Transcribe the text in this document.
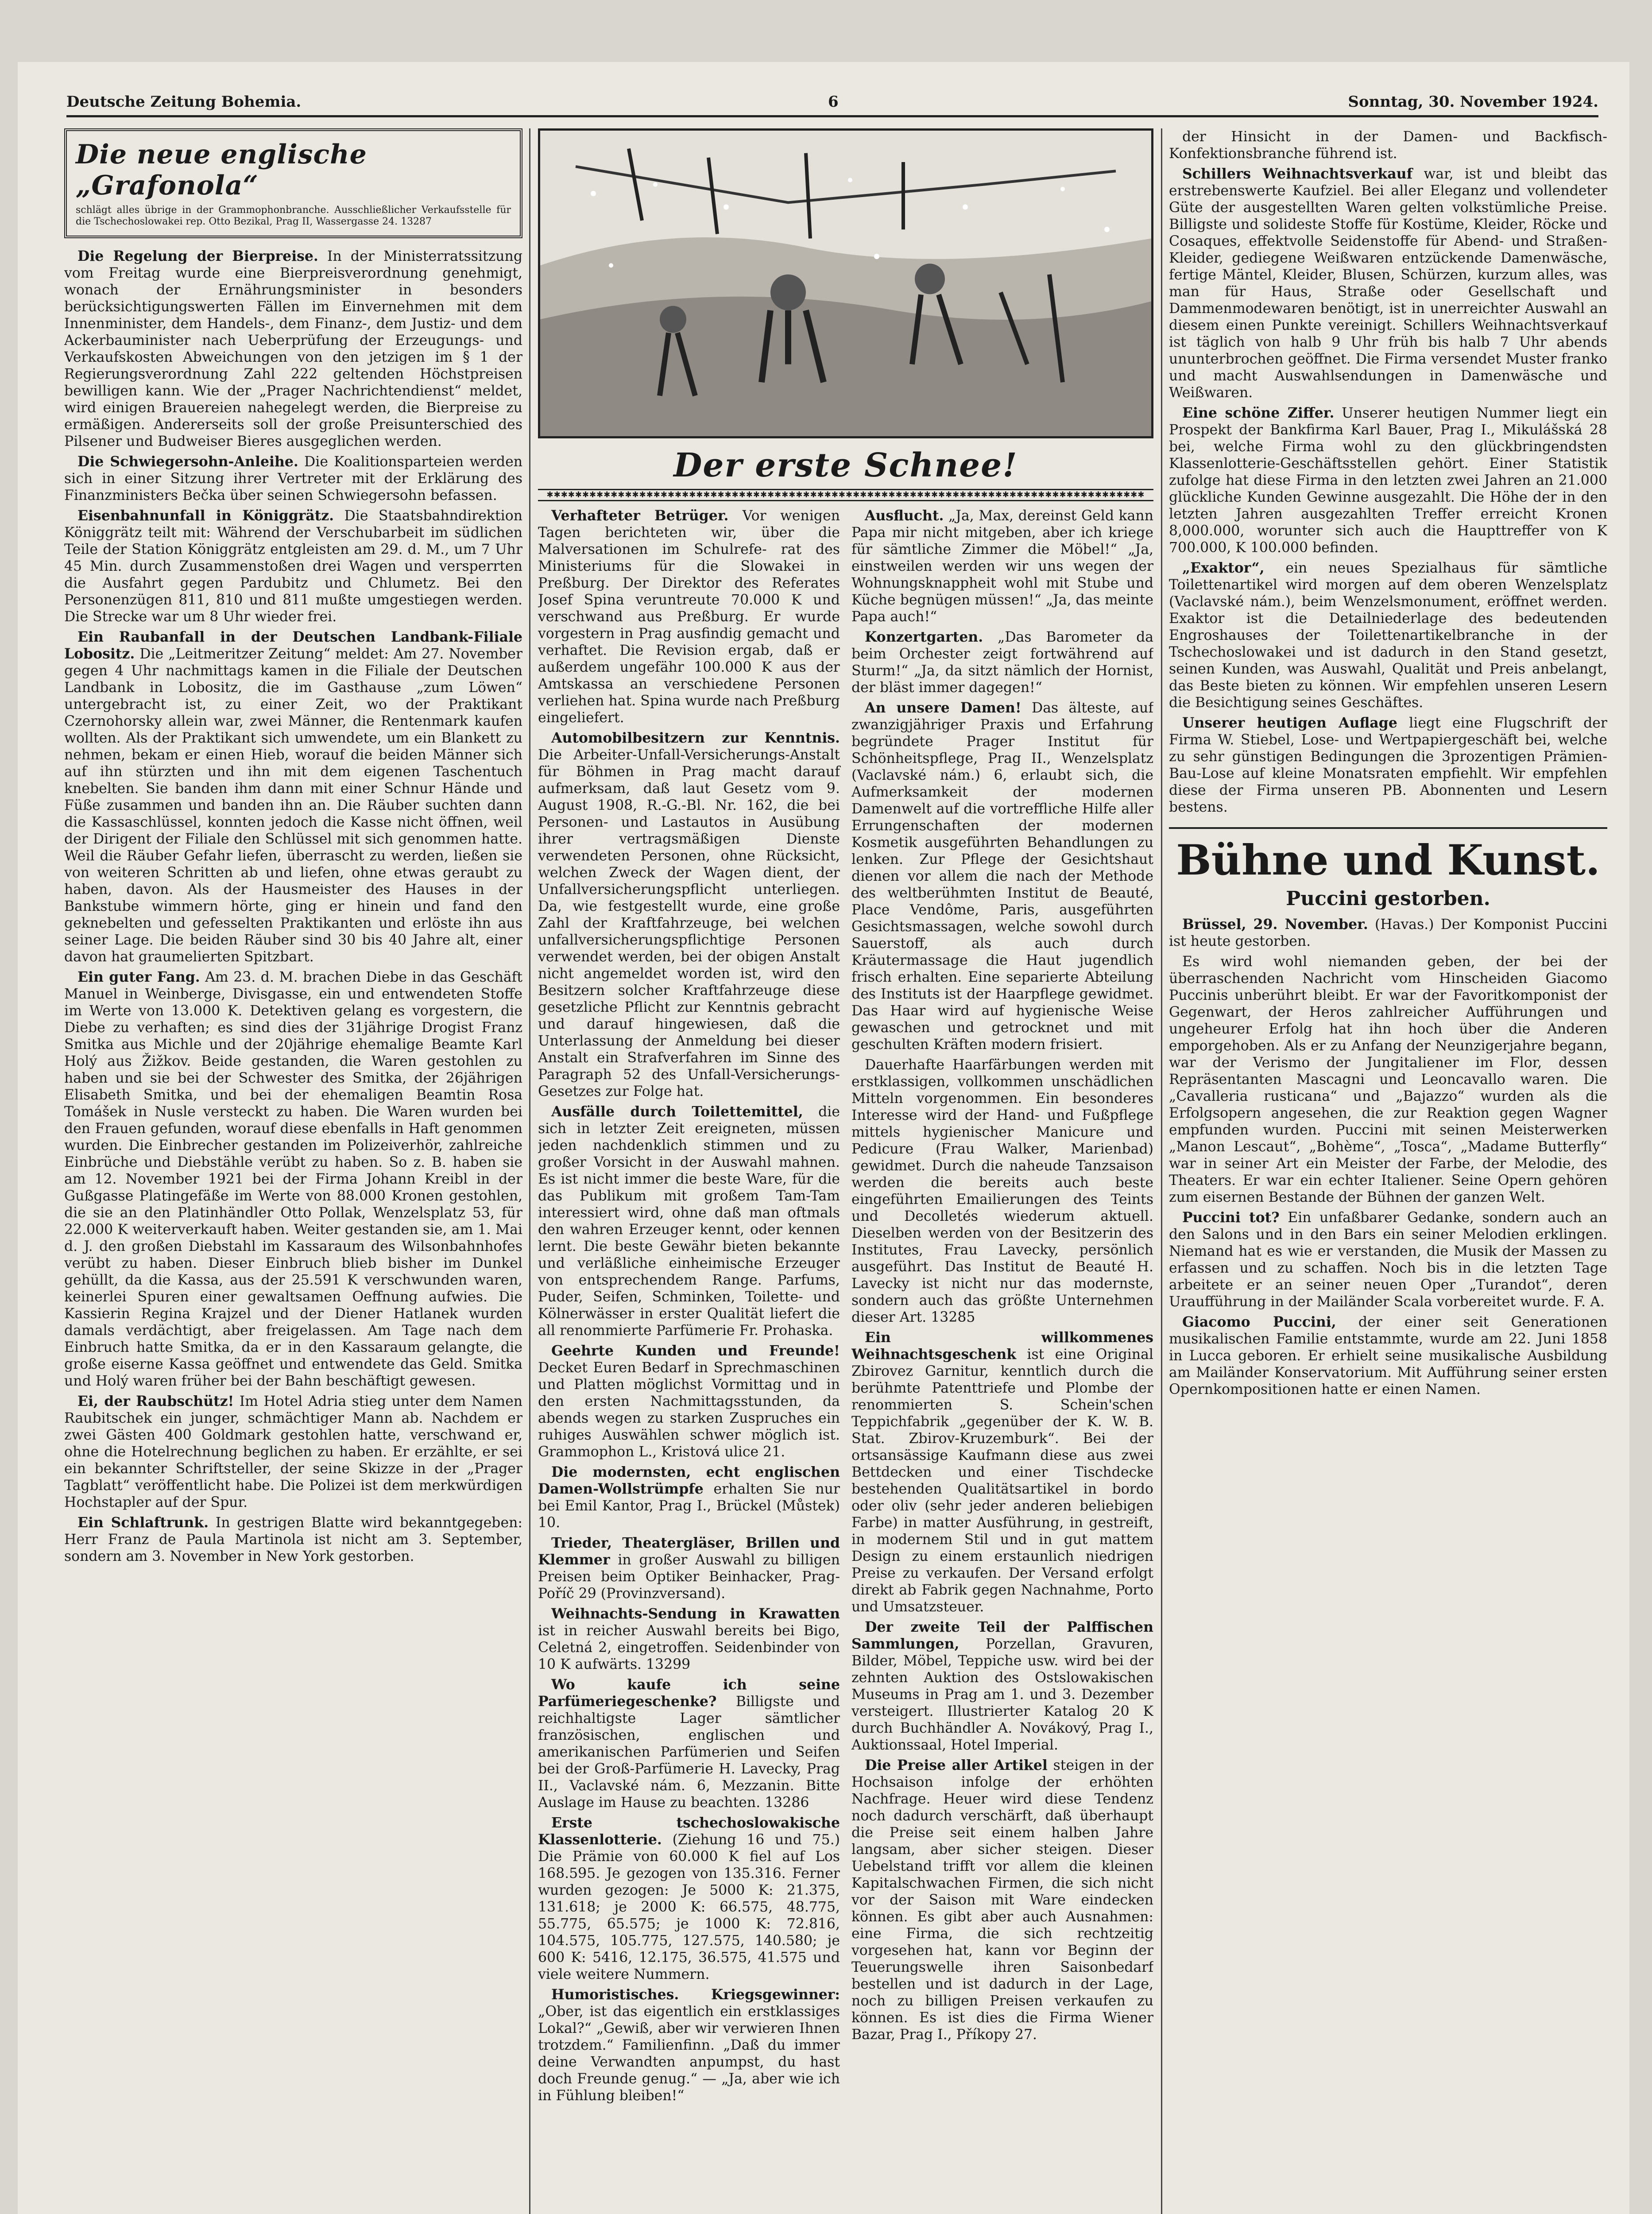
Deutsche Zeitung Bohemia.	6	Sonntag, 30. November 1924.
Die neue englische „Grafonola“
schlägt alles übrige in der Grammophonbranche. Ausschließlicher Verkaufsstelle für die Tschechoslowakei rep. Otto Bezikal, Prag II, Wassergasse 24. 13287

Die Regelung der Bierpreise. In der Ministerratssitzung vom Freitag wurde eine Bierpreisverordnung genehmigt, wonach der Ernährungsminister in besonders berücksichtigungswerten Fällen im Einvernehmen mit dem Innenminister, dem Handels-, dem Finanz-, dem Justiz- und dem Ackerbauminister nach Ueberprüfung der Erzeugungs- und Verkaufskosten Abweichungen von den jetzigen im § 1 der Regierungsverordnung Zahl 222 geltenden Höchstpreisen bewilligen kann. Wie der „Prager Nachrichtendienst“ meldet, wird einigen Brauereien nahegelegt werden, die Bierpreise zu ermäßigen. Andererseits soll der große Preisunterschied des Pilsener und Budweiser Bieres ausgeglichen werden.

Die Schwiegersohn-Anleihe. Die Koalitionsparteien werden sich in einer Sitzung ihrer Vertreter mit der Erklärung des Finanzministers Bečka über seinen Schwiegersohn befassen.

Eisenbahnunfall in Königgrätz. Die Staatsbahndirektion Königgrätz teilt mit: Während der Verschubarbeit im südlichen Teile der Station Königgrätz entgleisten am 29. d. M., um 7 Uhr 45 Min. durch Zusammenstoßen drei Wagen und versperrten die Ausfahrt gegen Pardubitz und Chlumetz. Bei den Personenzügen 811, 810 und 811 mußte umgestiegen werden. Die Strecke war um 8 Uhr wieder frei.

Ein Raubanfall in der Deutschen Landbank-Filiale Lobositz. Die „Leitmeritzer Zeitung“ meldet: Am 27. November gegen 4 Uhr nachmittags kamen in die Filiale der Deutschen Landbank in Lobositz, die im Gasthause „zum Löwen“ untergebracht ist, zu einer Zeit, wo der Praktikant Czernohorsky allein war, zwei Männer, die Rentenmark kaufen wollten. Als der Praktikant sich umwendete, um ein Blankett zu nehmen, bekam er einen Hieb, worauf die beiden Männer sich auf ihn stürzten und ihn mit dem eigenen Taschentuch knebelten. Sie banden ihm dann mit einer Schnur Hände und Füße zusammen und banden ihn an. Die Räuber suchten dann die Kassaschlüssel, konnten jedoch die Kasse nicht öffnen, weil der Dirigent der Filiale den Schlüssel mit sich genommen hatte. Weil die Räuber Gefahr liefen, überrascht zu werden, ließen sie von weiteren Schritten ab und liefen, ohne etwas geraubt zu haben, davon. Als der Hausmeister des Hauses in der Bankstube wimmern hörte, ging er hinein und fand den geknebelten und gefesselten Praktikanten und erlöste ihn aus seiner Lage. Die beiden Räuber sind 30 bis 40 Jahre alt, einer davon hat graumelierten Spitzbart.

Ein guter Fang. Am 23. d. M. brachen Diebe in das Geschäft Manuel in Weinberge, Divisgasse, ein und entwendeten Stoffe im Werte von 13.000 K. Detektiven gelang es vorgestern, die Diebe zu verhaften; es sind dies der 31jährige Drogist Franz Smitka aus Michle und der 20jährige ehemalige Beamte Karl Holý aus Žižkov. Beide gestanden, die Waren gestohlen zu haben und sie bei der Schwester des Smitka, der 26jährigen Elisabeth Smitka, und bei der ehemaligen Beamtin Rosa Tomášek in Nusle versteckt zu haben. Die Waren wurden bei den Frauen gefunden, worauf diese ebenfalls in Haft genommen wurden. Die Einbrecher gestanden im Polizeiverhör, zahlreiche Einbrüche und Diebstähle verübt zu haben. So z. B. haben sie am 12. November 1921 bei der Firma Johann Kreibl in der Gußgasse Platingefäße im Werte von 88.000 Kronen gestohlen, die sie an den Platinhändler Otto Pollak, Wenzelsplatz 53, für 22.000 K weiterverkauft haben. Weiter gestanden sie, am 1. Mai d. J. den großen Diebstahl im Kassaraum des Wilsonbahnhofes verübt zu haben. Dieser Einbruch blieb bisher im Dunkel gehüllt, da die Kassa, aus der 25.591 K verschwunden waren, keinerlei Spuren einer gewaltsamen Oeffnung aufwies. Die Kassierin Regina Krajzel und der Diener Hatlanek wurden damals verdächtigt, aber freigelassen. Am Tage nach dem Einbruch hatte Smitka, da er in den Kassaraum gelangte, die große eiserne Kassa geöffnet und entwendete das Geld. Smitka und Holý waren früher bei der Bahn beschäftigt gewesen.

Ei, der Raubschütz! Im Hotel Adria stieg unter dem Namen Raubitschek ein junger, schmächtiger Mann ab. Nachdem er zwei Gästen 400 Goldmark gestohlen hatte, verschwand er, ohne die Hotelrechnung beglichen zu haben. Er erzählte, er sei ein bekannter Schriftsteller, der seine Skizze in der „Prager Tagblatt“ veröffentlicht habe. Die Polizei ist dem merkwürdigen Hochstapler auf der Spur.

Ein Schlaftrunk. In gestrigen Blatte wird bekanntgegeben: Herr Franz de Paula Martinola ist nicht am 3. September, sondern am 3. November in New York gestorben.

Der erste Schnee!
✱✱✱✱✱✱✱✱✱✱✱✱✱✱✱✱✱✱✱✱✱✱✱✱✱✱✱✱✱✱✱✱✱✱✱✱✱✱✱✱✱✱✱✱✱✱✱✱✱✱✱✱✱✱✱✱✱✱✱✱✱✱✱✱✱✱✱✱✱✱✱✱✱✱✱✱✱✱✱✱✱✱✱✱

Verhafteter Betrüger. Vor wenigen Tagen berichteten wir, über die Malversationen im Schulrefe- rat des Ministeriums für die Slowakei in Preßburg. Der Direktor des Referates Josef Spina veruntreute 70.000 K und verschwand aus Preßburg. Er wurde vorgestern in Prag ausfindig gemacht und verhaftet. Die Revision ergab, daß er außerdem ungefähr 100.000 K aus der Amtskassa an verschiedene Personen verliehen hat. Spina wurde nach Preßburg eingeliefert.

Automobilbesitzern zur Kenntnis. Die Arbeiter-Unfall-Versicherungs-Anstalt für Böhmen in Prag macht darauf aufmerksam, daß laut Gesetz vom 9. August 1908, R.-G.-Bl. Nr. 162, die bei Personen- und Lastautos in Ausübung ihrer vertragsmäßigen Dienste verwendeten Personen, ohne Rücksicht, welchen Zweck der Wagen dient, der Unfallversicherungspflicht unterliegen. Da, wie festgestellt wurde, eine große Zahl der Kraftfahrzeuge, bei welchen unfallversicherungspflichtige Personen verwendet werden, bei der obigen Anstalt nicht angemeldet worden ist, wird den Besitzern solcher Kraftfahrzeuge diese gesetzliche Pflicht zur Kenntnis gebracht und darauf hingewiesen, daß die Unterlassung der Anmeldung bei dieser Anstalt ein Strafverfahren im Sinne des Paragraph 52 des Unfall-Versicherungs-Gesetzes zur Folge hat.

Ausfälle durch Toilettemittel, die sich in letzter Zeit ereigneten, müssen jeden nachdenklich stimmen und zu großer Vorsicht in der Auswahl mahnen. Es ist nicht immer die beste Ware, für die das Publikum mit großem Tam-Tam interessiert wird, ohne daß man oftmals den wahren Erzeuger kennt, oder kennen lernt. Die beste Gewähr bieten bekannte und verläßliche einheimische Erzeuger von entsprechendem Range. Parfums, Puder, Seifen, Schminken, Toilette- und Kölnerwässer in erster Qualität liefert die all renommierte Parfümerie Fr. Prohaska.

Geehrte Kunden und Freunde! Decket Euren Bedarf in Sprechmaschinen und Platten möglichst Vormittag und in den ersten Nachmittagsstunden, da abends wegen zu starken Zuspruches ein ruhiges Auswählen schwer möglich ist. Grammophon L., Kristová ulice 21.

Die modernsten, echt englischen Damen-Wollstrümpfe erhalten Sie nur bei Emil Kantor, Prag I., Brückel (Můstek) 10.

Trieder, Theatergläser, Brillen und Klemmer in großer Auswahl zu billigen Preisen beim Optiker Beinhacker, Prag-Poříč 29 (Provinzversand).

Weihnachts-Sendung in Krawatten ist in reicher Auswahl bereits bei Bigo, Celetná 2, eingetroffen. Seidenbinder von 10 K aufwärts. 13299

Wo kaufe ich seine Parfümeriegeschenke? Billigste und reichhaltigste Lager sämtlicher französischen, englischen und amerikanischen Parfümerien und Seifen bei der Groß-Parfümerie H. Lavecky, Prag II., Vaclavské nám. 6, Mezzanin. Bitte Auslage im Hause zu beachten. 13286

Erste tschechoslowakische Klassenlotterie. (Ziehung 16 und 75.) Die Prämie von 60.000 K fiel auf Los 168.595. Je gezogen von 135.316. Ferner wurden gezogen: Je 5000 K: 21.375, 131.618; je 2000 K: 66.575, 48.775, 55.775, 65.575; je 1000 K: 72.816, 104.575, 105.775, 127.575, 140.580; je 600 K: 5416, 12.175, 36.575, 41.575 und viele weitere Nummern.

Humoristisches. Kriegsgewinner: „Ober, ist das eigentlich ein erstklassiges Lokal?“ „Gewiß, aber wir verwieren Ihnen trotzdem.“ Familienfinn. „Daß du immer deine Verwandten anpumpst, du hast doch Freunde genug.“ — „Ja, aber wie ich in Fühlung bleiben!“

Ausflucht. „Ja, Max, dereinst Geld kann Papa mir nicht mitgeben, aber ich kriege für sämtliche Zimmer die Möbel!“ „Ja, einstweilen werden wir uns wegen der Wohnungsknappheit wohl mit Stube und Küche begnügen müssen!“ „Ja, das meinte Papa auch!“

Konzertgarten. „Das Barometer da beim Orchester zeigt fortwährend auf Sturm!“ „Ja, da sitzt nämlich der Hornist, der bläst immer dagegen!“

An unsere Damen! Das älteste, auf zwanzigjähriger Praxis und Erfahrung begründete Prager Institut für Schönheitspflege, Prag II., Wenzelsplatz (Vaclavské nám.) 6, erlaubt sich, die Aufmerksamkeit der modernen Damenwelt auf die vortreffliche Hilfe aller Errungenschaften der modernen Kosmetik ausgeführten Behandlungen zu lenken. Zur Pflege der Gesichtshaut dienen vor allem die nach der Methode des weltberühmten Institut de Beauté, Place Vendôme, Paris, ausgeführten Gesichtsmassagen, welche sowohl durch Sauerstoff, als auch durch Kräutermassage die Haut jugendlich frisch erhalten. Eine separierte Abteilung des Instituts ist der Haarpflege gewidmet. Das Haar wird auf hygienische Weise gewaschen und getrocknet und mit geschulten Kräften modern frisiert.

Dauerhafte Haarfärbungen werden mit erstklassigen, vollkommen unschädlichen Mitteln vorgenommen. Ein besonderes Interesse wird der Hand- und Fußpflege mittels hygienischer Manicure und Pedicure (Frau Walker, Marienbad) gewidmet. Durch die naheude Tanzsaison werden die bereits auch beste eingeführten Emailierungen des Teints und Decolletés wiederum aktuell. Dieselben werden von der Besitzerin des Institutes, Frau Lavecky, persönlich ausgeführt. Das Institut de Beauté H. Lavecky ist nicht nur das modernste, sondern auch das größte Unternehmen dieser Art. 13285

Ein willkommenes Weihnachtsgeschenk ist eine Original Zbirovez Garnitur, kenntlich durch die berühmte Patenttriefe und Plombe der renommierten S. Schein'schen Teppichfabrik „gegenüber der K. W. B. Stat. Zbirov-Kruzemburk“. Bei der ortsansässige Kaufmann diese aus zwei Bettdecken und einer Tischdecke bestehenden Qualitätsartikel in bordo oder oliv (sehr jeder anderen beliebigen Farbe) in matter Ausführung, in gestreift, in modernem Stil und in gut mattem Design zu einem erstaunlich niedrigen Preise zu verkaufen. Der Versand erfolgt direkt ab Fabrik gegen Nachnahme, Porto und Umsatzsteuer.

Der zweite Teil der Palffischen Sammlungen, Porzellan, Gravuren, Bilder, Möbel, Teppiche usw. wird bei der zehnten Auktion des Ostslowakischen Museums in Prag am 1. und 3. Dezember versteigert. Illustrierter Katalog 20 K durch Buchhändler A. Novákový, Prag I., Auktionssaal, Hotel Imperial.

Die Preise aller Artikel steigen in der Hochsaison infolge der erhöhten Nachfrage. Heuer wird diese Tendenz noch dadurch verschärft, daß überhaupt die Preise seit einem halben Jahre langsam, aber sicher steigen. Dieser Uebelstand trifft vor allem die kleinen Kapitalschwachen Firmen, die sich nicht vor der Saison mit Ware eindecken können. Es gibt aber auch Ausnahmen: eine Firma, die sich rechtzeitig vorgesehen hat, kann vor Beginn der Teuerungswelle ihren Saisonbedarf bestellen und ist dadurch in der Lage, noch zu billigen Preisen verkaufen zu können. Es ist dies die Firma Wiener Bazar, Prag I., Příkopy 27.

der Hinsicht in der Damen- und Backfisch-Konfektionsbranche führend ist.

Schillers Weihnachtsverkauf war, ist und bleibt das erstrebenswerte Kaufziel. Bei aller Eleganz und vollendeter Güte der ausgestellten Waren gelten volkstümliche Preise. Billigste und solideste Stoffe für Kostüme, Kleider, Röcke und Cosaques, effektvolle Seidenstoffe für Abend- und Straßen-Kleider, gediegene Weißwaren entzückende Damenwäsche, fertige Mäntel, Kleider, Blusen, Schürzen, kurzum alles, was man für Haus, Straße oder Gesellschaft und Dammenmodewaren benötigt, ist in unerreichter Auswahl an diesem einen Punkte vereinigt. Schillers Weihnachtsverkauf ist täglich von halb 9 Uhr früh bis halb 7 Uhr abends ununterbrochen geöffnet. Die Firma versendet Muster franko und macht Auswahlsendungen in Damenwäsche und Weißwaren.

Eine schöne Ziffer. Unserer heutigen Nummer liegt ein Prospekt der Bankfirma Karl Bauer, Prag I., Mikulášská 28 bei, welche Firma wohl zu den glückbringendsten Klassenlotterie-Geschäftsstellen gehört. Einer Statistik zufolge hat diese Firma in den letzten zwei Jahren an 21.000 glückliche Kunden Gewinne ausgezahlt. Die Höhe der in den letzten Jahren ausgezahlten Treffer erreicht Kronen 8,000.000, worunter sich auch die Haupttreffer von K 700.000, K 100.000 befinden.

„Exaktor“, ein neues Spezialhaus für sämtliche Toilettenartikel wird morgen auf dem oberen Wenzelsplatz (Vaclavské nám.), beim Wenzelsmonument, eröffnet werden. Exaktor ist die Detailniederlage des bedeutenden Engroshauses der Toilettenartikelbranche in der Tschechoslowakei und ist dadurch in den Stand gesetzt, seinen Kunden, was Auswahl, Qualität und Preis anbelangt, das Beste bieten zu können. Wir empfehlen unseren Lesern die Besichtigung seines Geschäftes.

Unserer heutigen Auflage liegt eine Flugschrift der Firma W. Stiebel, Lose- und Wertpapiergeschäft bei, welche zu sehr günstigen Bedingungen die 3prozentigen Prämien-Bau-Lose auf kleine Monatsraten empfiehlt. Wir empfehlen diese der Firma unseren PB. Abonnenten und Lesern bestens.

Bühne und Kunst.
Puccini gestorben.

Brüssel, 29. November. (Havas.) Der Komponist Puccini ist heute gestorben.

Es wird wohl niemanden geben, der bei der überraschenden Nachricht vom Hinscheiden Giacomo Puccinis unberührt bleibt. Er war der Favoritkomponist der Gegenwart, der Heros zahlreicher Aufführungen und ungeheurer Erfolg hat ihn hoch über die Anderen emporgehoben. Als er zu Anfang der Neunzigerjahre begann, war der Verismo der Jungitaliener im Flor, dessen Repräsentanten Mascagni und Leoncavallo waren. Die „Cavalleria rusticana“ und „Bajazzo“ wurden als die Erfolgsopern angesehen, die zur Reaktion gegen Wagner empfunden wurden. Puccini mit seinen Meisterwerken „Manon Lescaut“, „Bohème“, „Tosca“, „Madame Butterfly“ war in seiner Art ein Meister der Farbe, der Melodie, des Theaters. Er war ein echter Italiener. Seine Opern gehören zum eisernen Bestande der Bühnen der ganzen Welt.

Puccini tot? Ein unfaßbarer Gedanke, sondern auch an den Salons und in den Bars ein seiner Melodien erklingen. Niemand hat es wie er verstanden, die Musik der Massen zu erfassen und zu schaffen. Noch bis in die letzten Tage arbeitete er an seiner neuen Oper „Turandot“, deren Uraufführung in der Mailänder Scala vorbereitet wurde. F. A.

Giacomo Puccini, der einer seit Generationen musikalischen Familie entstammte, wurde am 22. Juni 1858 in Lucca geboren. Er erhielt seine musikalische Ausbildung am Mailänder Konservatorium. Mit Aufführung seiner ersten Opernkompositionen hatte er einen Namen.
